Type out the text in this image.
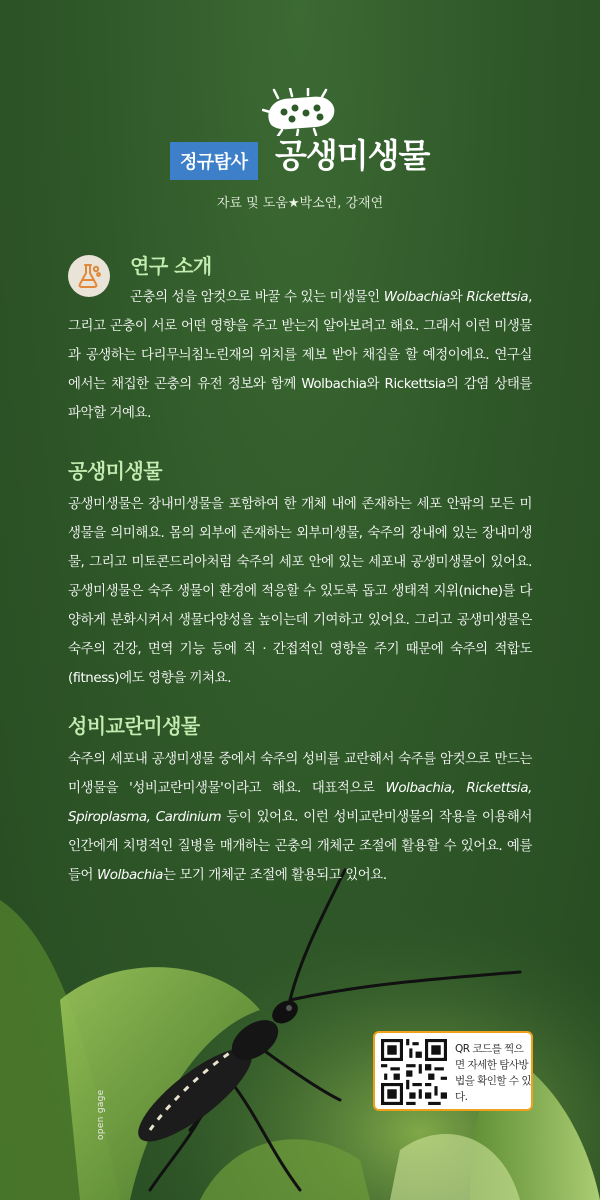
정규탐사 공생미생물
자료 및 도움★박소연, 강재연
연구 소개

곤충의 성을 암컷으로 바꿀 수 있는 미생물인 Wolbachia와 Rickettsia, 그리고 곤충이 서로 어떤 영향을 주고 받는지 알아보려고 해요. 그래서 이런 미생물과 공생하는 다리무늬침노린재의 위치를 제보 받아 채집을 할 예정이에요. 연구실에서는 채집한 곤충의 유전 정보와 함께 Wolbachia와 Rickettsia의 감염 상태를 파악할 거예요.

공생미생물

공생미생물은 장내미생물을 포함하여 한 개체 내에 존재하는 세포 안팎의 모든 미생물을 의미해요. 몸의 외부에 존재하는 외부미생물, 숙주의 장내에 있는 장내미생물, 그리고 미토콘드리아처럼 숙주의 세포 안에 있는 세포내 공생미생물이 있어요. 공생미생물은 숙주 생물이 환경에 적응할 수 있도록 돕고 생태적 지위(niche)를 다양하게 분화시켜서 생물다양성을 높이는데 기여하고 있어요. 그리고 공생미생물은 숙주의 건강, 면역 기능 등에 직 · 간접적인 영향을 주기 때문에 숙주의 적합도(fitness)에도 영향을 끼쳐요.

성비교란미생물

숙주의 세포내 공생미생물 중에서 숙주의 성비를 교란해서 숙주를 암컷으로 만드는 미생물을 '성비교란미생물'이라고 해요. 대표적으로 Wolbachia, Rickettsia, Spiroplasma, Cardinium 등이 있어요. 이런 성비교란미생물의 작용을 이용해서 인간에게 치명적인 질병을 매개하는 곤충의 개체군 조절에 활용할 수 있어요. 예를 들어 Wolbachia는 모기 개체군 조절에 활용되고 있어요.

QR 코드를 찍으면 자세한 탐사방법을 확인할 수 있다.
open gage
